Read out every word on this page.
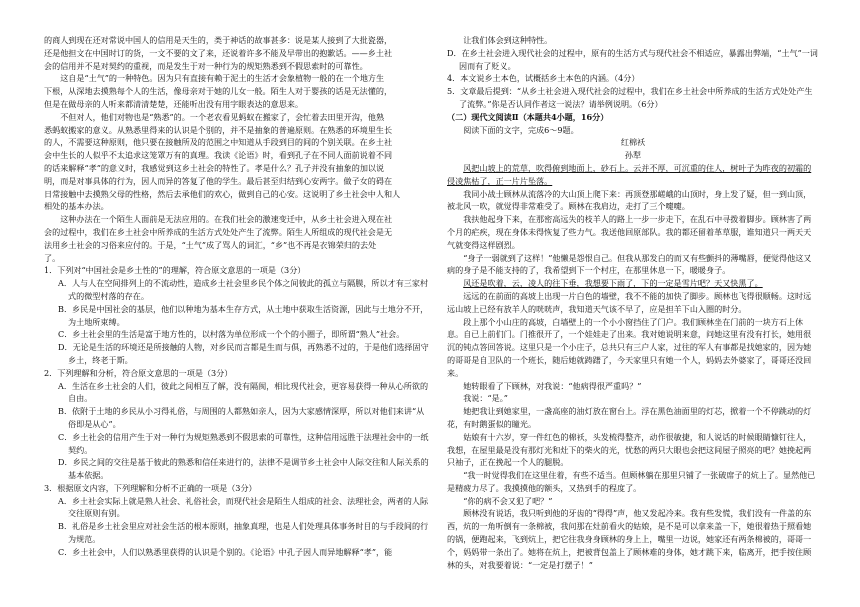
的商人到现在还对常说中国人的信用是天生的，类于神话的故事甚多：说是某人接到了大批瓷器，

还是他担文在中国时订的货，一文不要的文了来，还说着许多不能及早带出的抱歉话。——乡土社

会的信用并不是对契约的重视，而是发生于对一种行为的规矩熟悉到不假思索时的可靠性。

这自是“土气”的一种特色。因为只有直接有赖于泥土的生活才会象植物一般的在一个地方生

下根，从深地去摸熟每个人的生活，像母亲对于她的儿女一般。陌生人对于婴孩的话是无法懂的，

但是在做母亲的人听来都清清楚楚，还能听出没有用字眼表达的意思来。

不但对人，他们对物也是“熟悉”的。一个老农看见蚂蚁在搬家了，会忙着去田里开沟，他熟

悉蚂蚁搬家的意义。从熟悉里得来的认识是个别的，并不是抽象的普遍原则。在熟悉的环境里生长

的人，不需要这种原则，他只要在接触所及的范围之中知道从手段到目的间的个别关联。在乡土社

会中生长的人似乎不太追求这笼罩万有的真理。我读《论语》时，看到孔子在不同人面前说着不同

的话来解释“孝”的意义时，我感觉到这乡土社会的特性了。孝是什么？孔子并没有抽象的加以说

明，而是对事具体的行为，因人而异的答复了他的学生。最后甚至归结到心安两字。做子女的碍在

日常接触中去摸熟父母的性格，然后去承他们的欢心，做到自己的心安。这说明了乡土社会中人和人

相处的基本办法。

这种办法在一个陌生人面前是无法应用的。在我们社会的激速变迁中，从乡土社会进入现在社

会的过程中，我们在乡土社会中所养成的生活方式处处产生了流弊。陌生人所组成的现代社会是无

法用乡土社会的习俗来应付的。于是，“土气”成了骂人的词汇，“乡”也不再是衣锦荣归的去处

了。

1．下列对“中国社会是乡土性的”的理解，符合原文意思的一项是（3分）

A．人与人在空间排列上的不流动性，造成乡土社会里乡民个体之间彼此的孤立与隔膜，所以才有三家村式的微型村落的存在。

B．乡民是中国社会的基层，他们以种地为基本生存方式，从土地中获取生活资源，因此与土地分不开，为土地所束缚。

C．乡土社会里的生活是富于地方性的，以村落为单位形成一个个的小圈子，即所谓“熟人”社会。

D．无论是生活的环境还是所接触的人物，对乡民而言都是生而与俱，再熟悉不过的，于是他们选择固守乡土，终老于斯。

2．下列理解和分析，符合原文意思的一项是（3分）

A．生活在乡土社会的人们，彼此之间相互了解，没有隔阂，相比现代社会，更容易获得一种从心所欲的自由。

B．依附于土地的乡民从小习得礼俗，与周围的人都熟如亲人，因为大家感情深厚，所以对他们来讲“从俗即是从心”。

C．乡土社会的信用产生于对一种行为规矩熟悉到不假思索的可靠性，这种信用远胜于法理社会中的一纸契约。

D．乡民之间的交往是基于彼此的熟悉和信任来进行的，法律不是调节乡土社会中人际交往和人际关系的基本依据。

3．根据原文内容，下列理解和分析不正确的一项是（3分）

A．乡土社会实际上就是熟人社会、礼俗社会，而现代社会是陌生人组成的社会、法理社会，两者的人际交往原则有别。

B．礼俗是乡土社会里应对社会生活的根本原则，抽象真理，也是人们处理具体事务时目的与手段间的行为规范。

C．乡土社会中，人们以熟悉里获得的认识是个别的。《论语》中孔子因人而异地解释“孝”，能

　　让我们体会到这种特性。

D．在乡土社会进入现代社会的过程中，原有的生活方式与现代社会不相适应，暴露出弊端，“土气”一词因而有了贬义。

4．本文说乡土本色，试概括乡土本色的内涵。（4分）

5．文章最后提到：“从乡土社会进入现代社会的过程中，我们在乡土社会中所养成的生活方式处处产生了流弊。”你是否认同作者这一说法？请举例说明。（6分）

（二）现代文阅读Ⅱ（本题共4小题，16分）

阅读下面的文字，完成6～9题。

红棉袄

孙犁

风把山坡上的荒草，吹得俯到地面上，砂石上。云并不厚，可沉重的住人，树叶子为昨夜的初霜的侵凌焦枯了，正一片片坠落。

我同小战士顾林从流落冷的大山顶上爬下来：再顶登那嵯峨的山顶时，身上发了疑，但一到山顶，被北风一吹，就觉得非常难受了。顾林在我肩边，走打了三个嚏嚏。

我扶他起身下来，在那密高远失的枝羊人的路上一步一步走下，在乱石中寻拨着脚步。顾林害了两个月的疟疾，现在身体未得恢复了些力气。我送他回原部队。我的都还留着革草服，谁知道只一两天天气就变得这样剧烈。

“身子一弱就到了这样！”他懒是怨恨自己。但我从那发白的而又有些颤抖的薄嘴唇，便觉得他这又病的身子是不能支持的了，我希望到下一个村庄，在那里休息一下，暖暖身子。

风还是吹着，云，凌人的往下垂，我想要下雨了，下的一定是雪片吧？天又快黑了。

远远的在前面的高坡上出现一片白色的墙壁，我不不能的加快了脚步。顾林也飞得很顺畅。这时远远山坡上已经有放羊人的咣咣声，我知道天气该不早了，应是担羊下山入圈的时分。

段上那个小山庄的高坡，白墙壁上的一个小小窗挡住了门户。我们顾林坐在门前的一块方石上休息。自已上前们门。门推很开了，一个娃娃走了出来。我对她说明来意，问她这里有没有打长，她用很沉的钝点答回答说。这里只是一个小庄子，总共只有三户人家，过往的军人有事都是找她家的，因为她的哥哥是自卫队的一个班长，随后她就踌躇了，今天家里只有她一个人，妈妈去外婆家了，哥哥还没回来。

她转眼看了下顾林，对我说：“他病得很严重吗？”

我说：“是。”

她把我让到她家里，一盏高座的油灯放在窗台上。浮在黑色油面里的灯芯，掀着一个不停跳动的灯花，有时鹅蛋似的瞳光。

姑娘有十六岁，穿一件红色的棉袄，头发梳得整齐，动作很敏捷，和人说话的时候眼睛慷钉往人，我想，在屋里最是没有那灯光和灶下的柴火的光，忧愁的两只大眼也会把这间屋子照亮的吧？她挽起两只袖子，正在挽起一个人的腿脱。

“我一时觉得我们在这里住着，有些不适当。但顾林躺在那里只铺了一张破席子的炕上了。显然他已是精疲力尽了。我摸摸他的额头，又热到手的程度了。

“你的病不会又犯了吧？”

顾林没有说话，我只听到他的牙齿的“得得”声，他又发起冷来。我有些发慌，我们没有一件盖的东西，炕的一角听倒有一条棉被，我问那在灶前看火的姑娘，是不是可以拿来盖一下，她很着热于照看她的锅，便跑起来，飞到炕上，把它往我身身顾林的身上上，嘴里一边说，她家还有两条棉被的，哥哥一个，妈妈带一条出了。她将在炕上，把被背包盖上了顾林难的身体，她才跳下来，临离开，把手按住顾林的头，对我要着说：“一定是打摆子！”
